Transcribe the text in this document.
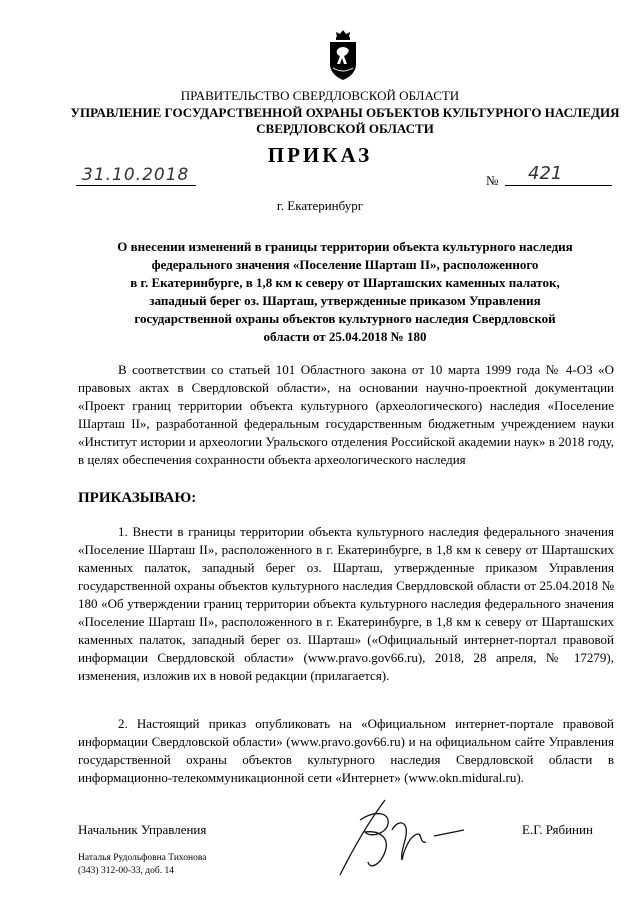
ПРАВИТЕЛЬСТВО СВЕРДЛОВСКОЙ ОБЛАСТИ
УПРАВЛЕНИЕ ГОСУДАРСТВЕННОЙ ОХРАНЫ ОБЪЕКТОВ КУЛЬТУРНОГО НАСЛЕДИЯ
СВЕРДЛОВСКОЙ ОБЛАСТИ
ПРИКАЗ
31.10.2018	№ 421
г. Екатеринбург
О внесении изменений в границы территории объекта культурного наследия
федерального значения «Поселение Шарташ II», расположенного
в г. Екатеринбурге, в 1,8 км к северу от Шарташских каменных палаток,
западный берег оз. Шарташ, утвержденные приказом Управления
государственной охраны объектов культурного наследия Свердловской
области от 25.04.2018 № 180

В соответствии со статьей 101 Областного закона от 10 марта 1999 года № 4-ОЗ «О правовых актах в Свердловской области», на основании научно-проектной документации «Проект границ территории объекта культурного (археологического) наследия «Поселение Шарташ II», разработанной федеральным государственным бюджетным учреждением науки «Институт истории и археологии Уральского отделения Российской академии наук» в 2018 году, в целях обеспечения сохранности объекта археологического наследия

ПРИКАЗЫВАЮ:

1. Внести в границы территории объекта культурного наследия федерального значения «Поселение Шарташ II», расположенного в г. Екатеринбурге, в 1,8 км к северу от Шарташских каменных палаток, западный берег оз. Шарташ, утвержденные приказом Управления государственной охраны объектов культурного наследия Свердловской области от 25.04.2018 № 180 «Об утверждении границ территории объекта культурного наследия федерального значения «Поселение Шарташ II», расположенного в г. Екатеринбурге, в 1,8 км к северу от Шарташских каменных палаток, западный берег оз. Шарташ» («Официальный интернет-портал правовой информации Свердловской области» (www.pravo.gov66.ru), 2018, 28 апреля, № 17279), изменения, изложив их в новой редакции (прилагается).

2. Настоящий приказ опубликовать на «Официальном интернет-портале правовой информации Свердловской области» (www.pravo.gov66.ru) и на официальном сайте Управления государственной охраны объектов культурного наследия Свердловской области в информационно-телекоммуникационной сети «Интернет» (www.okn.midural.ru).

Начальник Управления	Е.Г. Рябинин
Наталья Рудольфовна Тихонова
(343) 312-00-33, доб. 14
